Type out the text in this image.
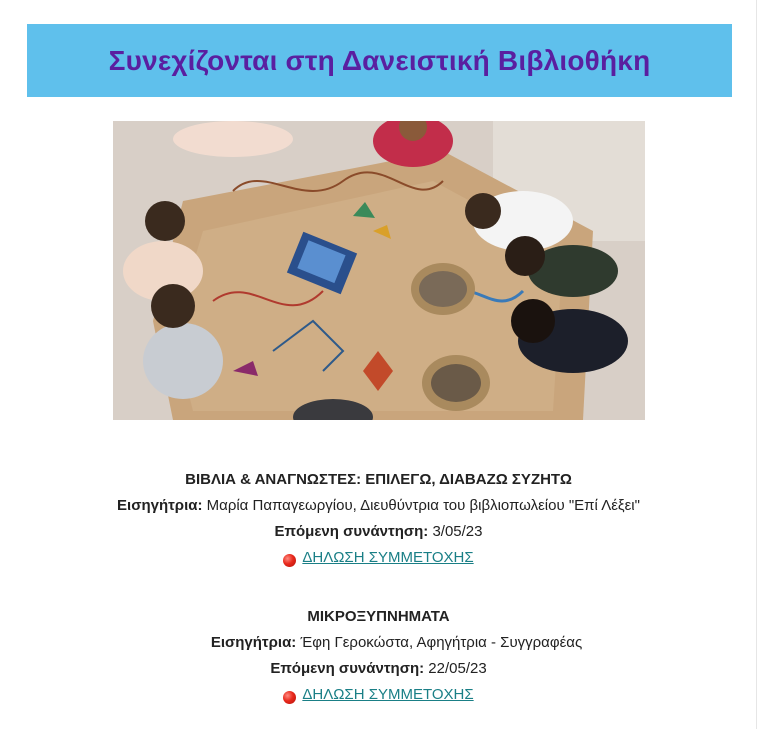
Συνεχίζονται στη Δανειστική Βιβλιοθήκη
ΒΙΒΛΙΑ & ΑΝΑΓΝΩΣΤΕΣ: ΕΠΙΛΕΓΩ, ΔΙΑΒΑΖΩ ΣΥΖΗΤΩ
Εισηγήτρια: Μαρία Παπαγεωργίου, Διευθύντρια του βιβλιοπωλείου "Επί Λέξει"
Επόμενη συνάντηση: 3/05/23
ΔΗΛΩΣΗ ΣΥΜΜΕΤΟΧΗΣ
ΜΙΚΡΟΞΥΠΝΗΜΑΤΑ
Εισηγήτρια: Έφη Γεροκώστα, Αφηγήτρια - Συγγραφέας
Επόμενη συνάντηση: 22/05/23
ΔΗΛΩΣΗ ΣΥΜΜΕΤΟΧΗΣ
